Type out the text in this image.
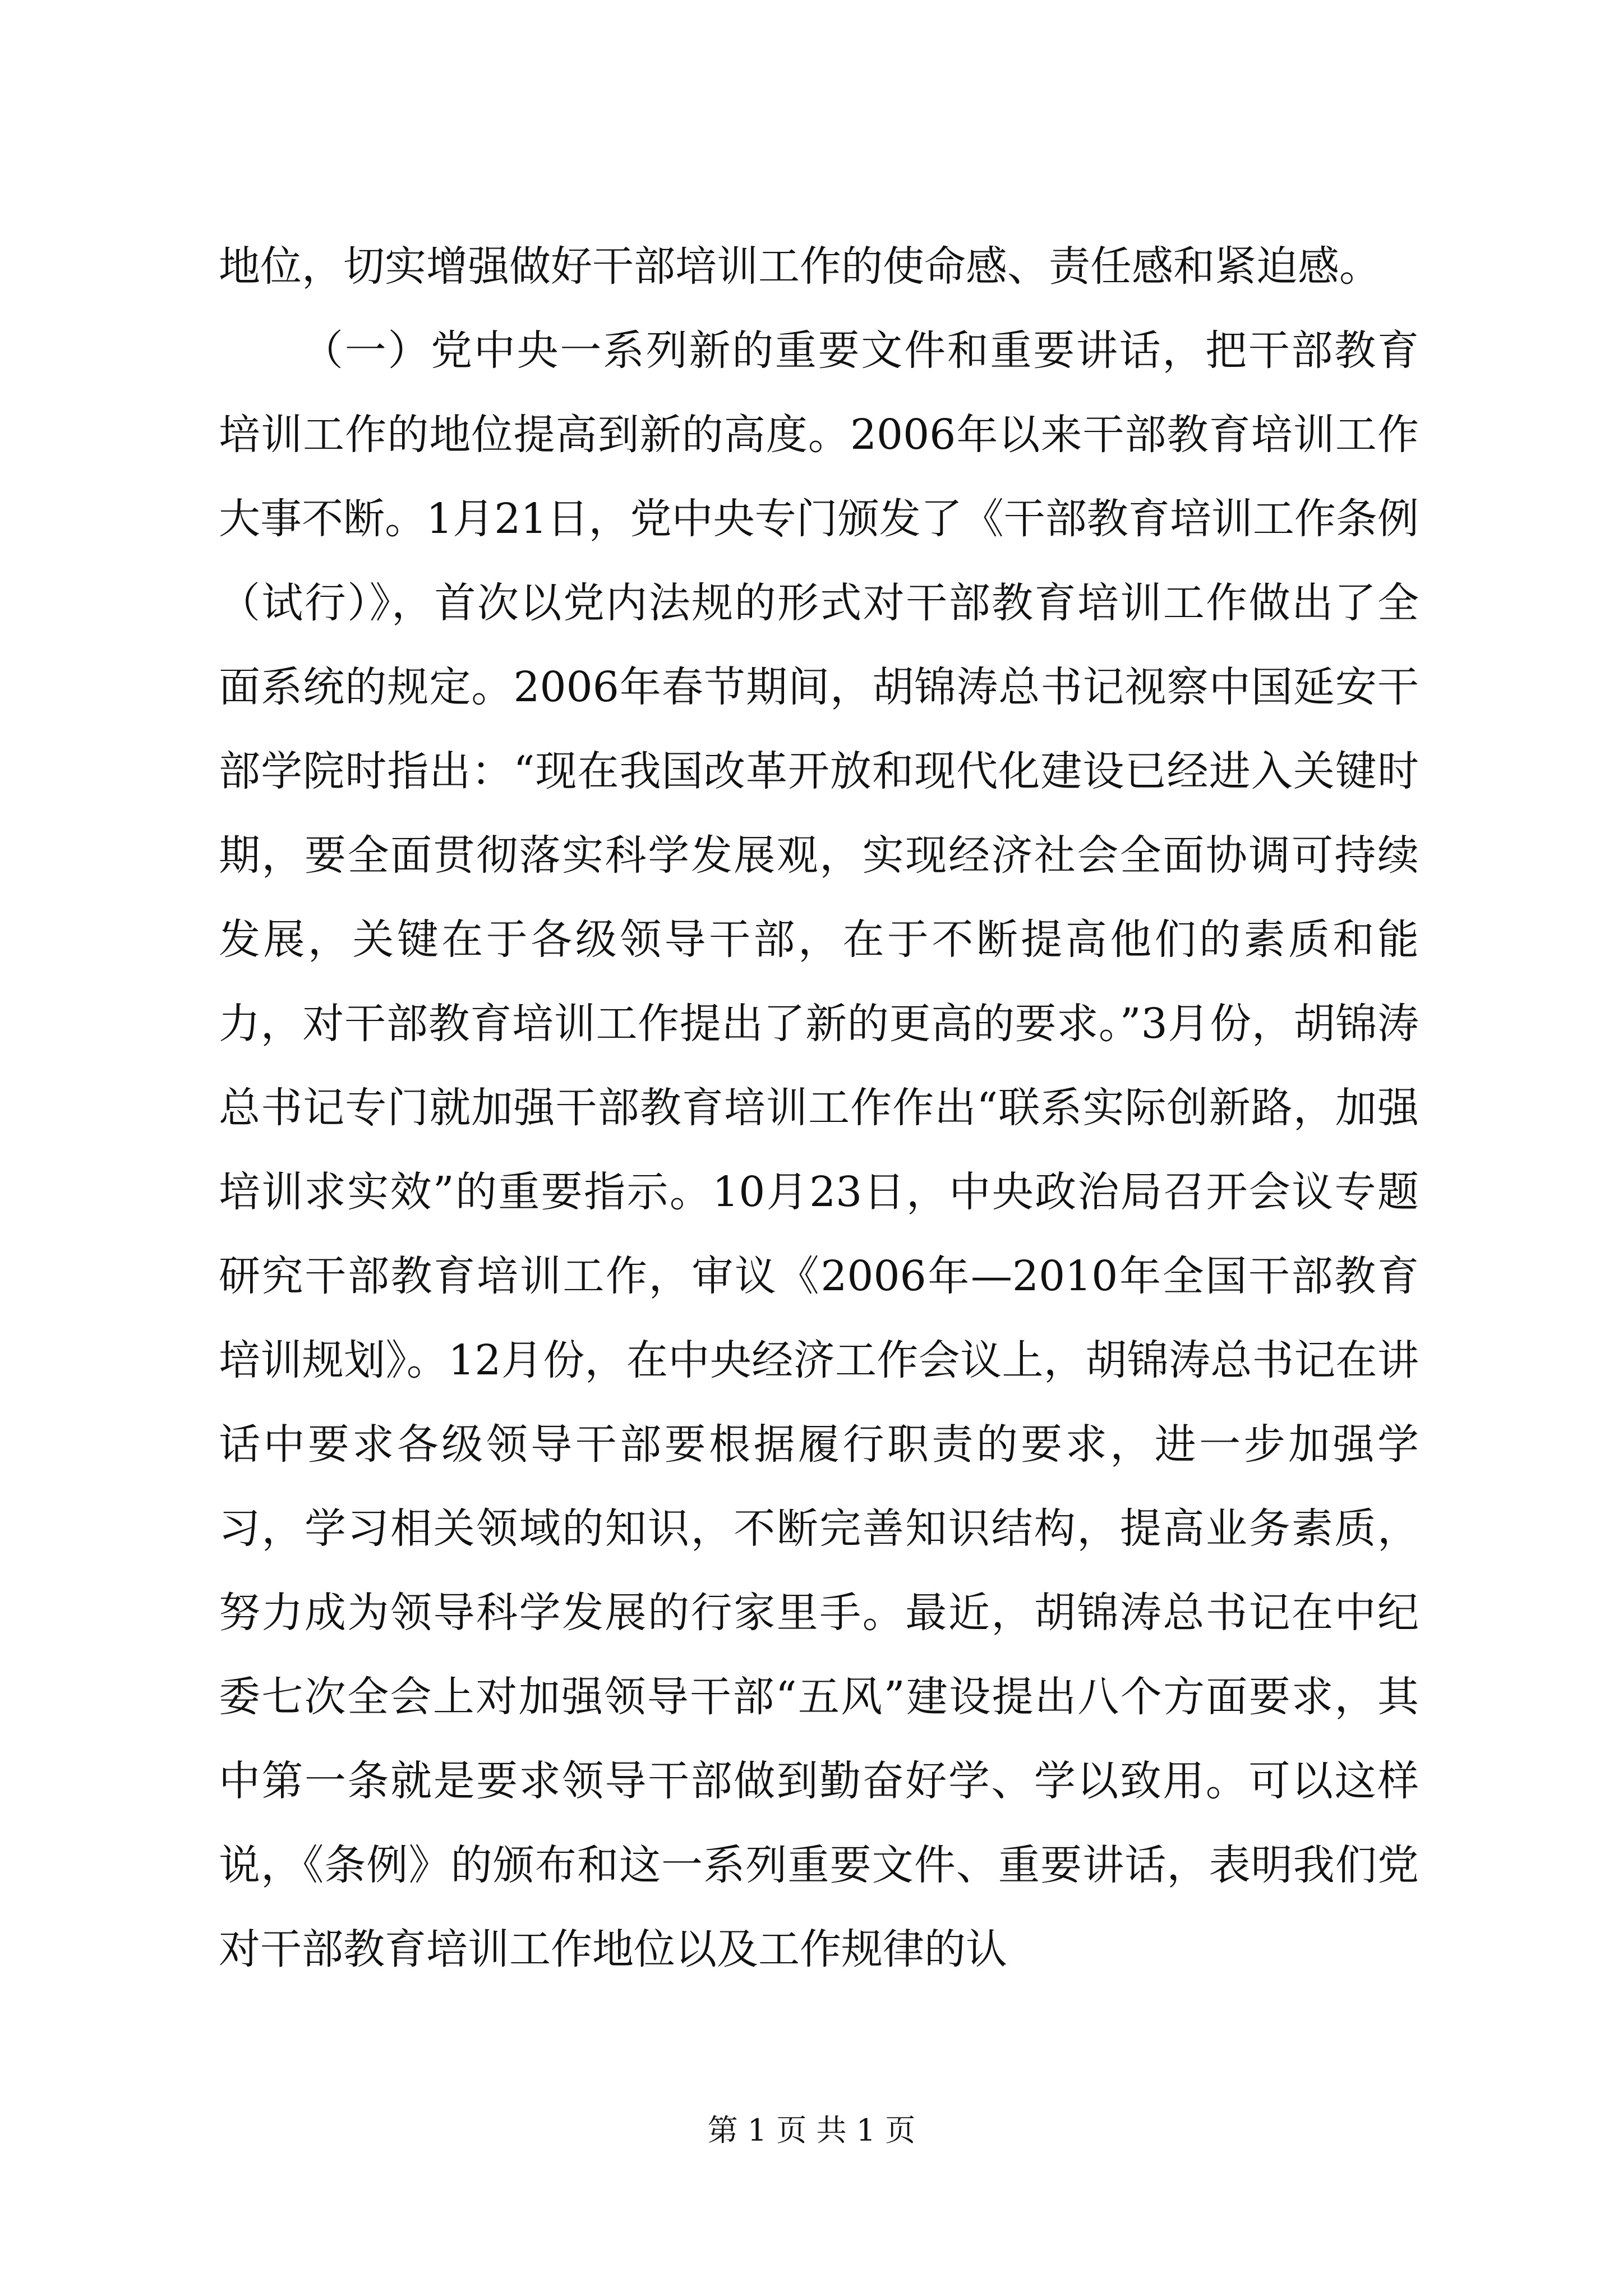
地位，切实增强做好干部培训工作的使命感、责任感和紧迫感。

（一）党中央一系列新的重要文件和重要讲话，把干部教育培训工作的地位提高到新的高度。2006年以来干部教育培训工作大事不断。1月21日，党中央专门颁发了《干部教育培训工作条例（试行）》，首次以党内法规的形式对干部教育培训工作做出了全面系统的规定。2006年春节期间，胡锦涛总书记视察中国延安干部学院时指出：“现在我国改革开放和现代化建设已经进入关键时期，要全面贯彻落实科学发展观，实现经济社会全面协调可持续发展，关键在于各级领导干部，在于不断提高他们的素质和能力，对干部教育培训工作提出了新的更高的要求。”3月份，胡锦涛总书记专门就加强干部教育培训工作作出“联系实际创新路，加强培训求实效”的重要指示。10月23日，中央政治局召开会议专题研究干部教育培训工作，审议《2006年—2010年全国干部教育培训规划》。12月份，在中央经济工作会议上，胡锦涛总书记在讲话中要求各级领导干部要根据履行职责的要求，进一步加强学习，学习相关领域的知识，不断完善知识结构，提高业务素质，努力成为领导科学发展的行家里手。最近，胡锦涛总书记在中纪委七次全会上对加强领导干部“五风”建设提出八个方面要求，其中第一条就是要求领导干部做到勤奋好学、学以致用。可以这样说，《条例》的颁布和这一系列重要文件、重要讲话，表明我们党对干部教育培训工作地位以及工作规律的认

第 1 页 共 1 页
